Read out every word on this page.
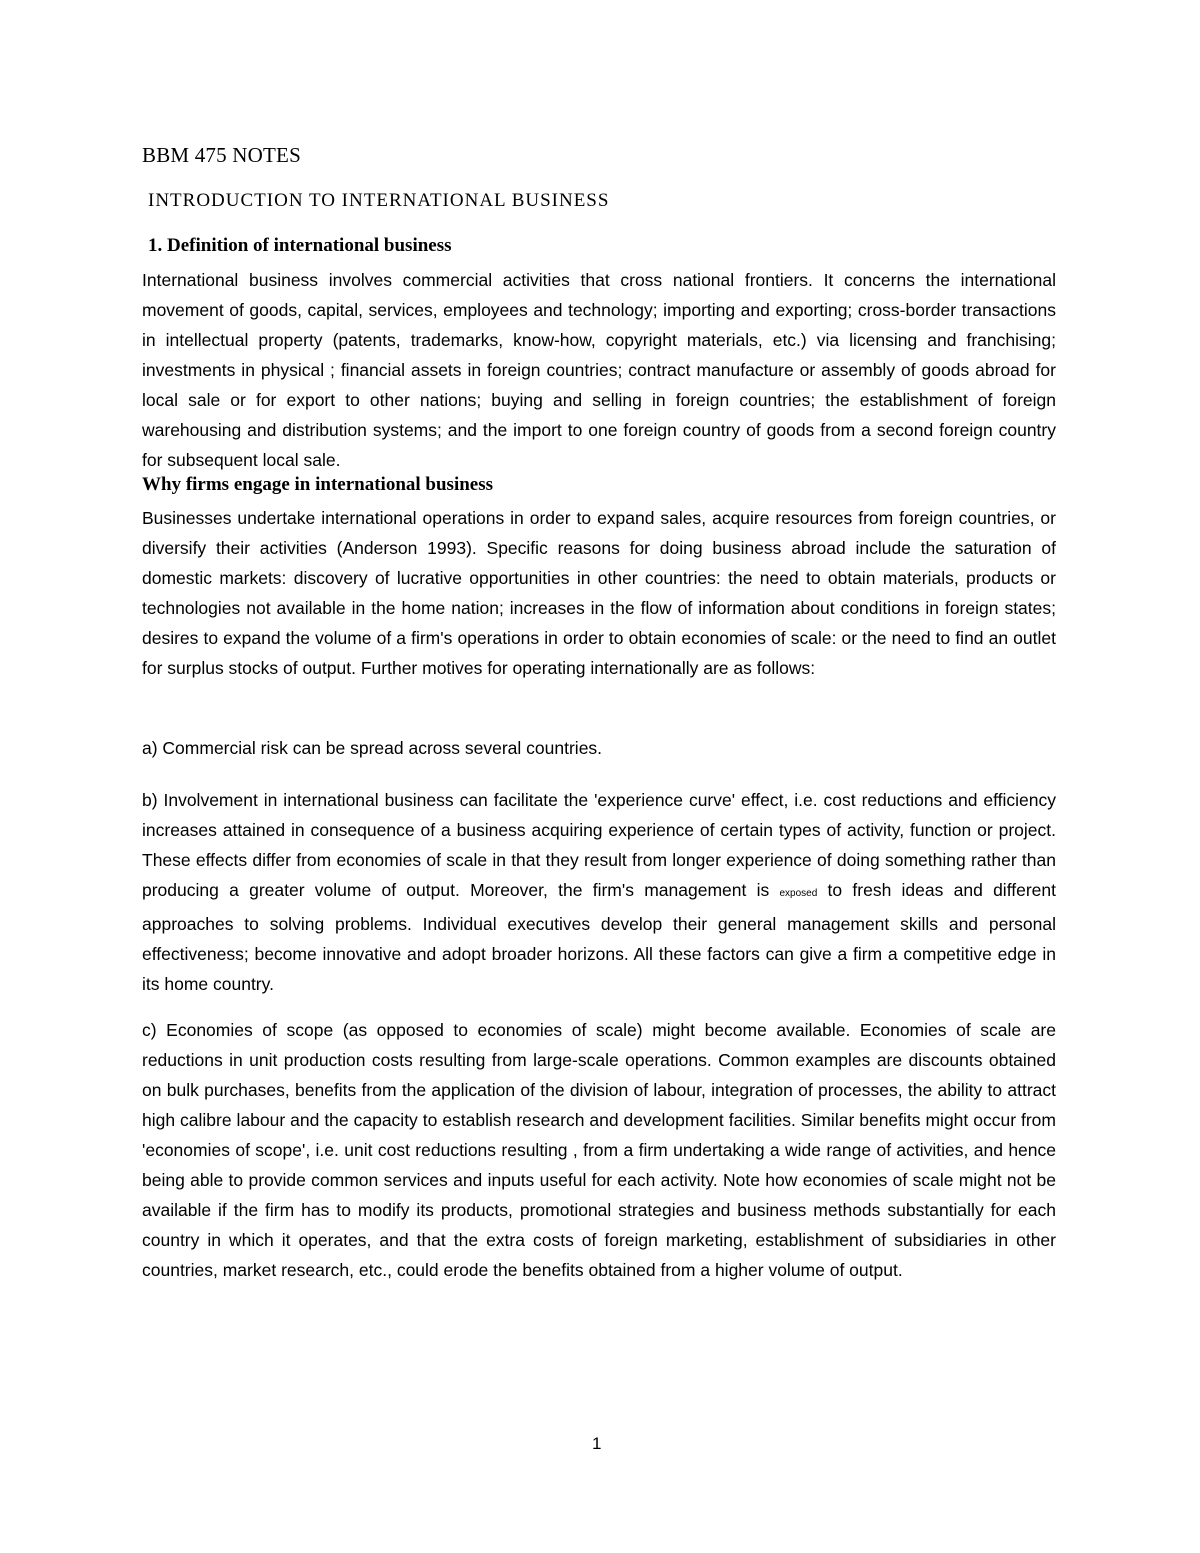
BBM 475 NOTES
INTRODUCTION TO INTERNATIONAL BUSINESS
1. Definition of international business

International business involves commercial activities that cross national frontiers. It concerns the international movement of goods, capital, services, employees and technology; importing and exporting; cross-border transactions in intellectual property (patents, trademarks, know-how, copyright materials, etc.) via licensing and franchising; investments in physical ; financial assets in foreign countries; contract manufacture or assembly of goods abroad for local sale or for export to other nations; buying and selling in foreign countries; the establishment of foreign warehousing and distribution systems; and the import to one foreign country of goods from a second foreign country for subsequent local sale.

Why firms engage in international business

Businesses undertake international operations in order to expand sales, acquire resources from foreign countries, or diversify their activities (Anderson 1993). Specific reasons for doing business abroad include the saturation of domestic markets: discovery of lucrative opportunities in other countries: the need to obtain materials, products or technologies not available in the home nation; increases in the flow of information about conditions in foreign states; desires to expand the volume of a firm's operations in order to obtain economies of scale: or the need to find an outlet for surplus stocks of output. Further motives for operating internationally are as follows:

a) Commercial risk can be spread across several countries.

b) Involvement in international business can facilitate the 'experience curve' effect, i.e. cost reductions and efficiency increases attained in consequence of a business acquiring experience of certain types of activity, function or project. These effects differ from economies of scale in that they result from longer experience of doing something rather than producing a greater volume of output. Moreover, the firm's management is exposed to fresh ideas and different approaches to solving problems. Individual executives develop their general management skills and personal effectiveness; become innovative and adopt broader horizons. All these factors can give a firm a competitive edge in its home country.

c) Economies of scope (as opposed to economies of scale) might become available. Economies of scale are reductions in unit production costs resulting from large-scale operations. Common examples are discounts obtained on bulk purchases, benefits from the application of the division of labour, integration of processes, the ability to attract high calibre labour and the capacity to establish research and development facilities. Similar benefits might occur from 'economies of scope', i.e. unit cost reductions resulting , from a firm undertaking a wide range of activities, and hence being able to provide common services and inputs useful for each activity. Note how economies of scale might not be available if the firm has to modify its products, promotional strategies and business methods substantially for each country in which it operates, and that the extra costs of foreign marketing, establishment of subsidiaries in other countries, market research, etc., could erode the benefits obtained from a higher volume of output.

1
